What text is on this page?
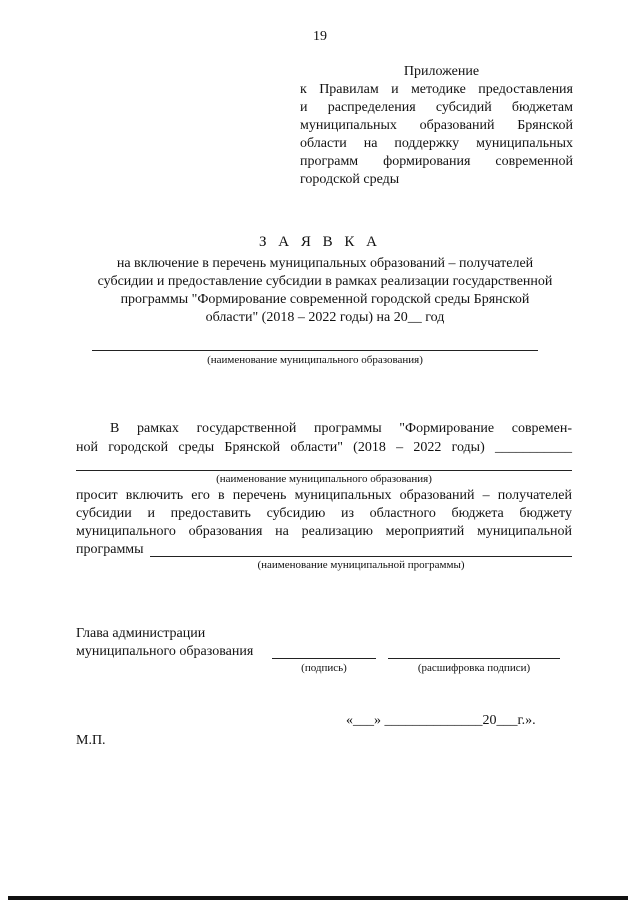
19
Приложение
к Правилам и методике предоставления
и распределения субсидий бюджетам
муниципальных образований Брянской
области на поддержку муниципальных
программ формирования современной
городской среды
З А Я В К А
на включение в перечень муниципальных образований – получателей
субсидии и предоставление субсидии в рамках реализации государственной
программы "Формирование современной городской среды Брянской
области" (2018 – 2022 годы) на 20__ год
(наименование муниципального образования)
В рамках государственной программы "Формирование современ-
ной городской среды Брянской области" (2018 – 2022 годы) ___________
(наименование муниципального образования)
просит включить его в перечень муниципальных образований – получателей
субсидии и предоставить субсидию из областного бюджета бюджету
муниципального образования на реализацию мероприятий муниципальной
программы
(наименование муниципальной программы)
Глава администрации
муниципального образования
(подпись)	(расшифровка подписи)
«___» ______________20___г.».
М.П.
